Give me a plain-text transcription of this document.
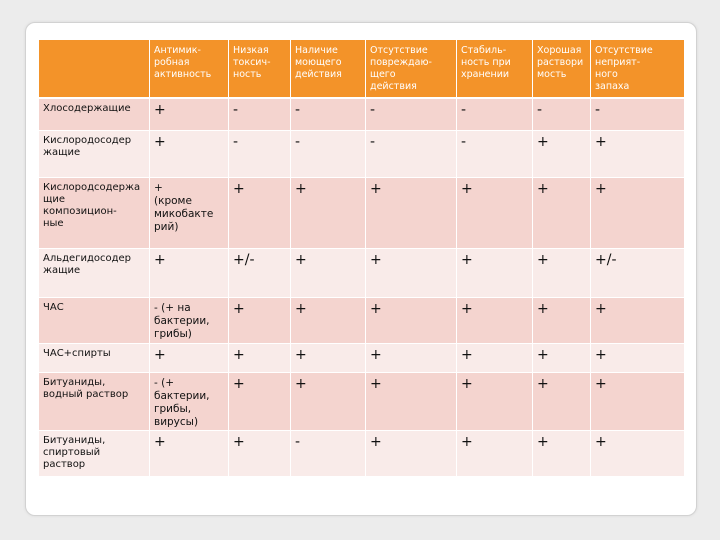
	Антимик-
робная
активность	Низкая
токсич-
ность	Наличие
моющего
действия	Отсутствие
повреждаю-
щего
действия	Стабиль-
ность при
хранении	Хорошая
раствори
мость	Отсутствие
неприят-
ного
запаха
Хлосодержащие	+	-	-	-	-	-	-
Кислородосодер
жащие	+	-	-	-	-	+	+
Кислородсодержа
щие
композицион-
ные	+
(кроме
микобакте
рий)	+	+	+	+	+	+
Альдегидосодер
жащие	+	+/-	+	+	+	+	+/-
ЧАС	- (+ на
бактерии,
грибы)	+	+	+	+	+	+
ЧАС+спирты	+	+	+	+	+	+	+
Битуаниды,
водный раствор	- (+
бактерии,
грибы,
вирусы)	+	+	+	+	+	+
Битуаниды,
спиртовый
раствор	+	+	-	+	+	+	+
